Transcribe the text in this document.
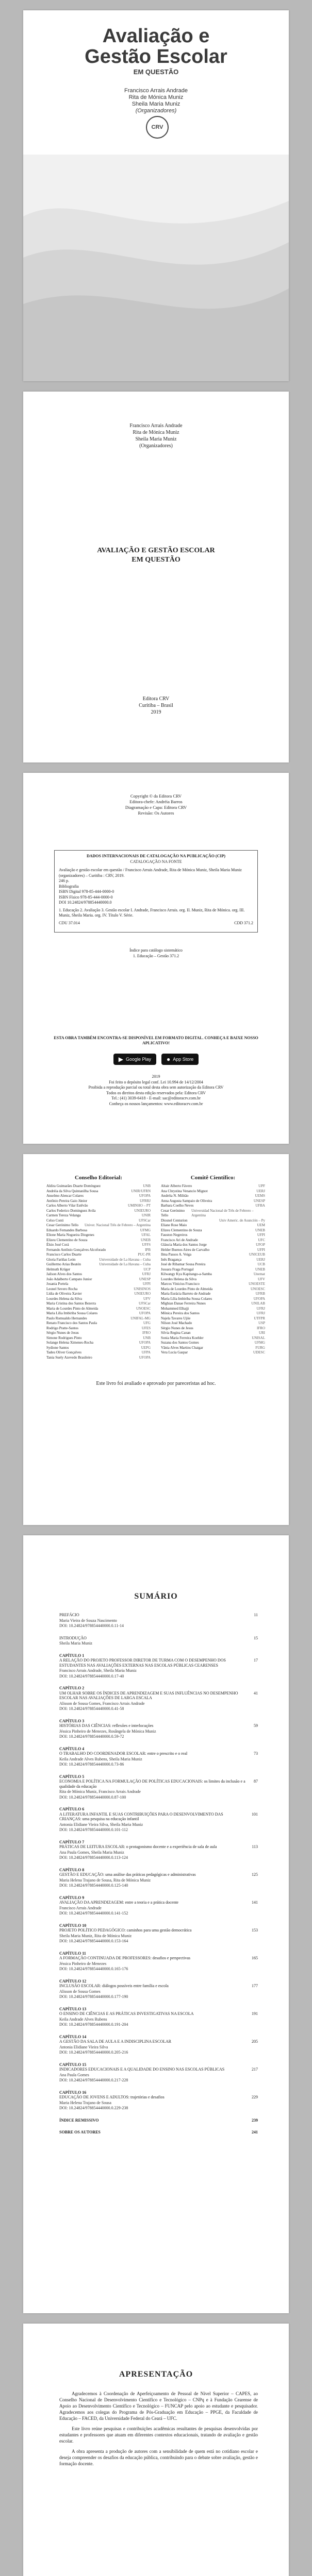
Avaliação e
Gestão Escolar
EM QUESTÃO
Francisco Arrais Andrade
Rita de Mónica Muniz
Sheila Maria Muniz
(Organizadores)
CRV
Francisco Arrais Andrade
Rita de Mónica Muniz
Sheila Maria Muniz
(Organizadores)
AVALIAÇÃO E GESTÃO ESCOLAR
EM QUESTÃO
Editora CRV
Curitiba – Brasil
2019
Copyright © da Editora CRV
Editora-chefe: Andréia Barros
Diagramação e Capa: Editora CRV
Revisão: Os Autores
DADOS INTERNACIONAIS DE CATALOGAÇÃO NA PUBLICAÇÃO (CIP)
CATALOGAÇÃO NA FONTE
Avaliação e gestão escolar em questão / Francisco Arrais Andrade, Rita de Mónica Muniz, Sheila Maria Muniz (organizadores) – Curitiba : CRV, 2019.
246 p.
Bibliografia
ISBN Digital 978-85-444-0000-0
ISBN Físico 978-85-444-0000-0
DOI 10.24824/978854440000.0
1. Educação 2. Avaliação 3. Gestão escolar I. Andrade, Francisco Arrais. org. II. Muniz, Rita de Mónica. org. III. Muniz, Sheila Maria. org. IV. Título V. Série.
CDU 37.014	CDD 371.2
Índice para catálogo sistemático
1. Educação – Gestão 371.2
ESTA OBRA TAMBÉM ENCONTRA-SE DISPONÍVEL EM FORMATO DIGITAL. CONHEÇA E BAIXE NOSSO APLICATIVO!
▶ Google Play	● App Store
2019
Foi feito o depósito legal conf. Lei 10.994 de 14/12/2004
Proibida a reprodução parcial ou total desta obra sem autorização da Editora CRV
Todos os direitos desta edição reservados pela: Editora CRV
Tel.: (41) 3039-6418 - E-mail: sac@editoracrv.com.br
Conheça os nossos lançamentos: www.editoracrv.com.br
Conselho Editorial:
Aldira Guimarães Duarte Domínguez	UNB
Andréia da Silva Quintanilha Sousa	UNIR/UFRN
Anselmo Alencar Colares	UFOPA
Antônio Pereira Gaio Júnior	UFRRJ
Carlos Alberto Vilar Estêvão	UMINHO – PT
Carlos Federico Dominguez Avila	UNIEURO
Carmen Tereza Velanga	UNIR
Celso Conti	UFSCar
Cesar Gerónimo Tello Univer. Nacional Três de Febrero – Argentina
Eduardo Fernandes Barbosa	UFMG
Elione Maria Nogueira Diogenes	UFAL
Elizeu Clementino de Souza	UNEB
Élsio José Corá	UFFS
Fernando Antônio Gonçalves Alcoforado	IPB
Francisco Carlos Duarte	PUC-PR
Gloria Fariñas León	Universidade de La Havana – Cuba
Guillermo Arias Beatón	Universidade de La Havana – Cuba
Helmuth Krüger	UCP
Jailson Alves dos Santos	UFRJ
João Adalberto Campato Junior	UNESP
Josania Portela	UFPI
Leonel Severo Rocha	UNISINOS
Lídia de Oliveira Xavier	UNIEURO
Lourdes Helena da Silva	UFV
Maria Cristina dos Santos Bezerra	UFSCar
Maria de Lourdes Pinto de Almeida	UNOESC
Maria Lília Imbiriba Sousa Colares	UFOPA
Paulo Romualdo Hernandes	UNIFAL-MG
Renato Francisco dos Santos Paula	UFG
Rodrigo Pratte-Santos	UFES
Sérgio Nunes de Jesus	IFRO
Simone Rodrigues Pinto	UNB
Solange Helena Ximenes-Rocha	UFOPA
Sydione Santos	UEPG
Tadeu Oliver Gonçalves	UFPA
Tania Suely Azevedo Brasileiro	UFOPA
Comitê Científico:
Altair Alberto Fávero	UPF
Ana Chrystina Venancio Mignot	UERJ
Andréia N. Militão	UEMS
Anna Augusta Sampaio de Oliveira	UNESP
Barbara Coelho Neves	UFBA
Cesar Gerónimo Tello
Universidad Nacional de Três de Febrero – Argentina
Diosnel Centurion	Univ Americ. de Asunción – Py
Eliane Rose Maio	UEM
Elizeu Clementino de Souza	UNEB
Fauston Negreiros	UFPI
Francisco Ari de Andrade	UFC
Gláucia Maria dos Santos Jorge	UFOP
Helder Buenos Aires de Carvalho	UFPI
Ilma Passos A. Veiga	UNICEUB
Inês Bragança	UERJ
José de Ribamar Sousa Pereira	UCB
Jussara Fraga Portugal	UNEB
Kilwangy Kya Kapitango-a-Samba	Unemat
Lourdes Helena da Silva	UFV
Marcos Vinicius Francisco	UNOESTE
Maria de Lourdes Pinto de Almeida	UNOESC
Maria Eurácia Barreto de Andrade	UFRB
Maria Lília Imbiriba Sousa Colares	UFOPA
Míghian Danae Ferreira Nunes	UNILAB
Mohammed Elhajji	UFRJ
Mônica Pereira dos Santos	UFRJ
Najela Tavares Ujiie	UTFPR
Nilson José Machado	USP
Sérgio Nunes de Jesus	IFRO
Silvia Regina Canan	URI
Sonia Maria Ferreira Koehler	UNISAL
Suzana dos Santos Gomes	UFMG
Vânia Alves Martins Chaigar	FURG
Vera Lucia Gaspar	UDESC
Este livro foi avaliado e aprovado por pareceristas ad hoc.
SUMÁRIO
PREFÁCIO	11
Maria Vieira de Souza Nascimento
DOI: 10.24824/978854440000.0.11-14
INTRODUÇÃO	15
Sheila Maria Muniz
CAPÍTULO 1
A RELAÇÃO DO PROJETO PROFESSOR DIRETOR DE TURMA COM O DESEMPENHO DOS ESTUDANTES NAS AVALIAÇÕES EXTERNAS NAS ESCOLAS PÚBLICAS CEARENSES
17
Francisco Arrais Andrade, Sheila Maria Muniz
DOI: 10.24824/978854440000.0.17-40
CAPÍTULO 2
UM OLHAR SOBRE OS ÍNDICES DE APRENDIZAGEM E SUAS INFLUÊNCIAS NO DESEMPENHO ESCOLAR NAS AVALIAÇÕES DE LARGA ESCALA
41
Alisson de Sousa Gomes, Francisco Arrais Andrade
DOI: 10.24824/978854440000.0.41-58
CAPÍTULO 3
HISTÓRIAS DAS CIÊNCIAS: reflexões e interlocuções	59
Jéssica Pinheiro de Menezes, Rosângela de Mónica Muniz
DOI: 10.24824/978854440000.0.59-72
CAPÍTULO 4
O TRABALHO DO COORDENADOR ESCOLAR: entre o prescrito e o real	73
Keila Andrade Alves Rubens, Sheila Maria Muniz
DOI: 10.24824/978854440000.0.73-86
CAPÍTULO 5
ECONOMIA E POLÍTICA NA FORMULAÇÃO DE POLÍTICAS EDUCACIONAIS: os limites da inclusão e a qualidade da educação
87
Rita de Mónica Muniz, Francisco Arrais Andrade
DOI: 10.24824/978854440000.0.87-100
CAPÍTULO 6
A LITERATURA INFANTIL E SUAS CONTRIBUIÇÕES PARA O DESENVOLVIMENTO DAS CRIANÇAS: uma pesquisa na educação infantil
101
Antonia Elidiane Vieira Silva, Sheila Maria Muniz
DOI: 10.24824/978854440000.0.101-112
CAPÍTULO 7
PRÁTICAS DE LEITURA ESCOLAR: o protagonismo docente e a experiência de sala de aula	113
Ana Paula Gomes, Sheila Maria Muniz
DOI: 10.24824/978854440000.0.113-124
CAPÍTULO 8
GESTÃO E EDUCAÇÃO: uma análise das práticas pedagógicas e administrativas	125
Maria Helena Trajano de Sousa, Rita de Mónica Muniz
DOI: 10.24824/978854440000.0.125-140
CAPÍTULO 9
AVALIAÇÃO DA APRENDIZAGEM: entre a teoria e a prática docente	141
Francisco Arrais Andrade
DOI: 10.24824/978854440000.0.141-152
CAPÍTULO 10
PROJETO POLÍTICO PEDAGÓGICO: caminhos para uma gestão democrática	153
Sheila Maria Muniz, Rita de Mónica Muniz
DOI: 10.24824/978854440000.0.153-164
CAPÍTULO 11
A FORMAÇÃO CONTINUADA DE PROFESSORES: desafios e perspectivas	165
Jéssica Pinheiro de Menezes
DOI: 10.24824/978854440000.0.165-176
CAPÍTULO 12
INCLUSÃO ESCOLAR: diálogos possíveis entre família e escola	177
Alisson de Sousa Gomes
DOI: 10.24824/978854440000.0.177-190
CAPÍTULO 13
O ENSINO DE CIÊNCIAS E AS PRÁTICAS INVESTIGATIVAS NA ESCOLA	191
Keila Andrade Alves Rubens
DOI: 10.24824/978854440000.0.191-204
CAPÍTULO 14
A GESTÃO DA SALA DE AULA E A INDISCIPLINA ESCOLAR	205
Antonia Elidiane Vieira Silva
DOI: 10.24824/978854440000.0.205-216
CAPÍTULO 15
INDICADORES EDUCACIONAIS E A QUALIDADE DO ENSINO NAS ESCOLAS PÚBLICAS	217
Ana Paula Gomes
DOI: 10.24824/978854440000.0.217-228
CAPÍTULO 16
EDUCAÇÃO DE JOVENS E ADULTOS: trajetórias e desafios	229
Maria Helena Trajano de Sousa
DOI: 10.24824/978854440000.0.229-238
ÍNDICE REMISSIVO	239
SOBRE OS AUTORES	241
APRESENTAÇÃO

Agradecemos à Coordenação de Aperfeiçoamento de Pessoal de Nível Superior – CAPES, ao Conselho Nacional de Desenvolvimento Científico e Tecnológico – CNPq e à Fundação Cearense de Apoio ao Desenvolvimento Científico e Tecnológico – FUNCAP pelo apoio ao estudante e pesquisador. Agradecemos aos colegas do Programa de Pós-Graduação em Educação – PPGE, da Faculdade de Educação – FACED, da Universidade Federal do Ceará – UFC.

Este livro reúne pesquisas e contribuições acadêmicas resultantes de pesquisas desenvolvidas por estudantes e professores que atuam em diferentes contextos educacionais, tratando de avaliação e gestão escolar.

A obra apresenta a produção de autores com a sensibilidade de quem está no cotidiano escolar e deseja compreender os desafios da educação pública, contribuindo para o debate sobre avaliação, gestão e formação docente.
